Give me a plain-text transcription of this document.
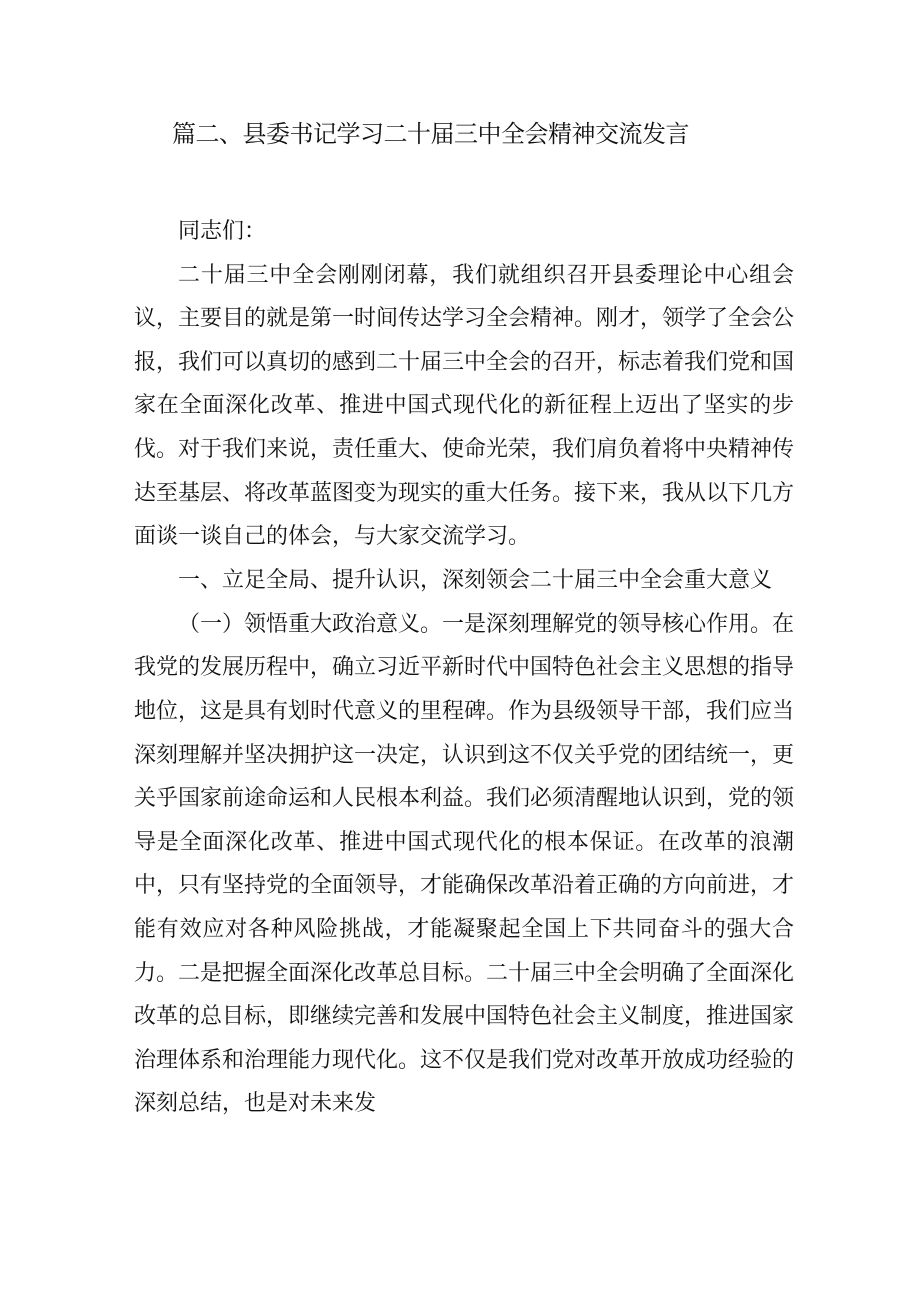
篇二、县委书记学习二十届三中全会精神交流发言

同志们：

二十届三中全会刚刚闭幕，我们就组织召开县委理论中心组会议，主要目的就是第一时间传达学习全会精神。刚才，领学了全会公报，我们可以真切的感到二十届三中全会的召开，标志着我们党和国家在全面深化改革、推进中国式现代化的新征程上迈出了坚实的步伐。对于我们来说，责任重大、使命光荣，我们肩负着将中央精神传达至基层、将改革蓝图变为现实的重大任务。接下来，我从以下几方面谈一谈自己的体会，与大家交流学习。

一、立足全局、提升认识，深刻领会二十届三中全会重大意义

（一）领悟重大政治意义。一是深刻理解党的领导核心作用。在我党的发展历程中，确立习近平新时代中国特色社会主义思想的指导地位，这是具有划时代意义的里程碑。作为县级领导干部，我们应当深刻理解并坚决拥护这一决定，认识到这不仅关乎党的团结统一，更关乎国家前途命运和人民根本利益。我们必须清醒地认识到，党的领导是全面深化改革、推进中国式现代化的根本保证。在改革的浪潮中，只有坚持党的全面领导，才能确保改革沿着正确的方向前进，才能有效应对各种风险挑战，才能凝聚起全国上下共同奋斗的强大合力。二是把握全面深化改革总目标。二十届三中全会明确了全面深化改革的总目标，即继续完善和发展中国特色社会主义制度，推进国家治理体系和治理能力现代化。这不仅是我们党对改革开放成功经验的深刻总结，也是对未来发
